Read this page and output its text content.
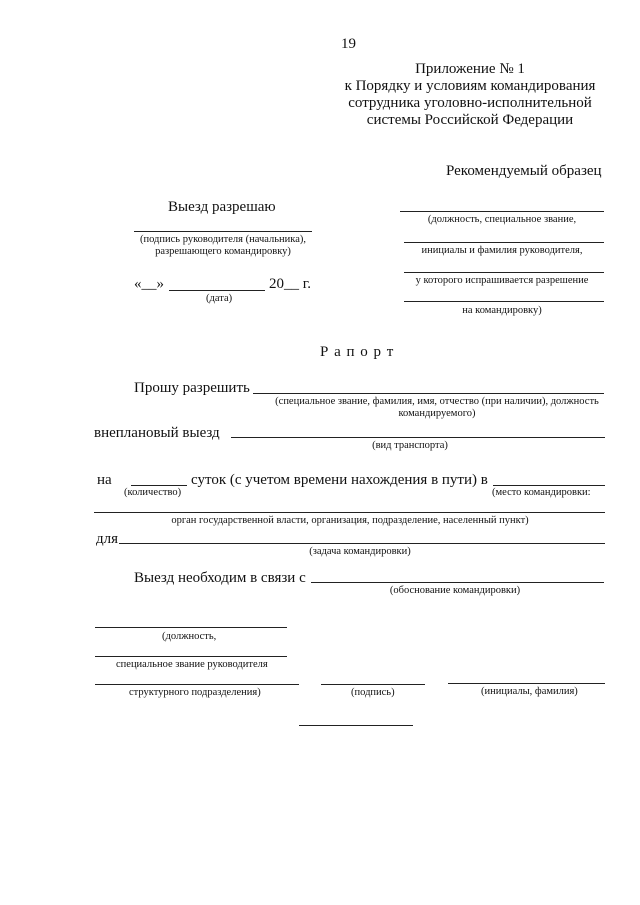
19
Приложение № 1
к Порядку и условиям командирования
сотрудника уголовно-исполнительной
системы Российской Федерации
Рекомендуемый образец
Выезд разрешаю
(подпись руководителя (начальника),
разрешающего командировку)
«__»	20__ г.
(дата)
(должность, специальное звание,
инициалы и фамилия руководителя,
у которого испрашивается разрешение
на командировку)
Р а п о р т
Прошу разрешить
(специальное звание, фамилия, имя, отчество (при наличии), должность
командируемого)
внеплановый выезд
(вид транспорта)
на	суток (с учетом времени нахождения в пути) в
(количество)	(место командировки:
орган государственной власти, организация, подразделение, населенный пункт)
для
(задача командировки)
Выезд необходим в связи с
(обоснование командировки)
(должность,
специальное звание руководителя
структурного подразделения)	(подпись)	(инициалы, фамилия)
